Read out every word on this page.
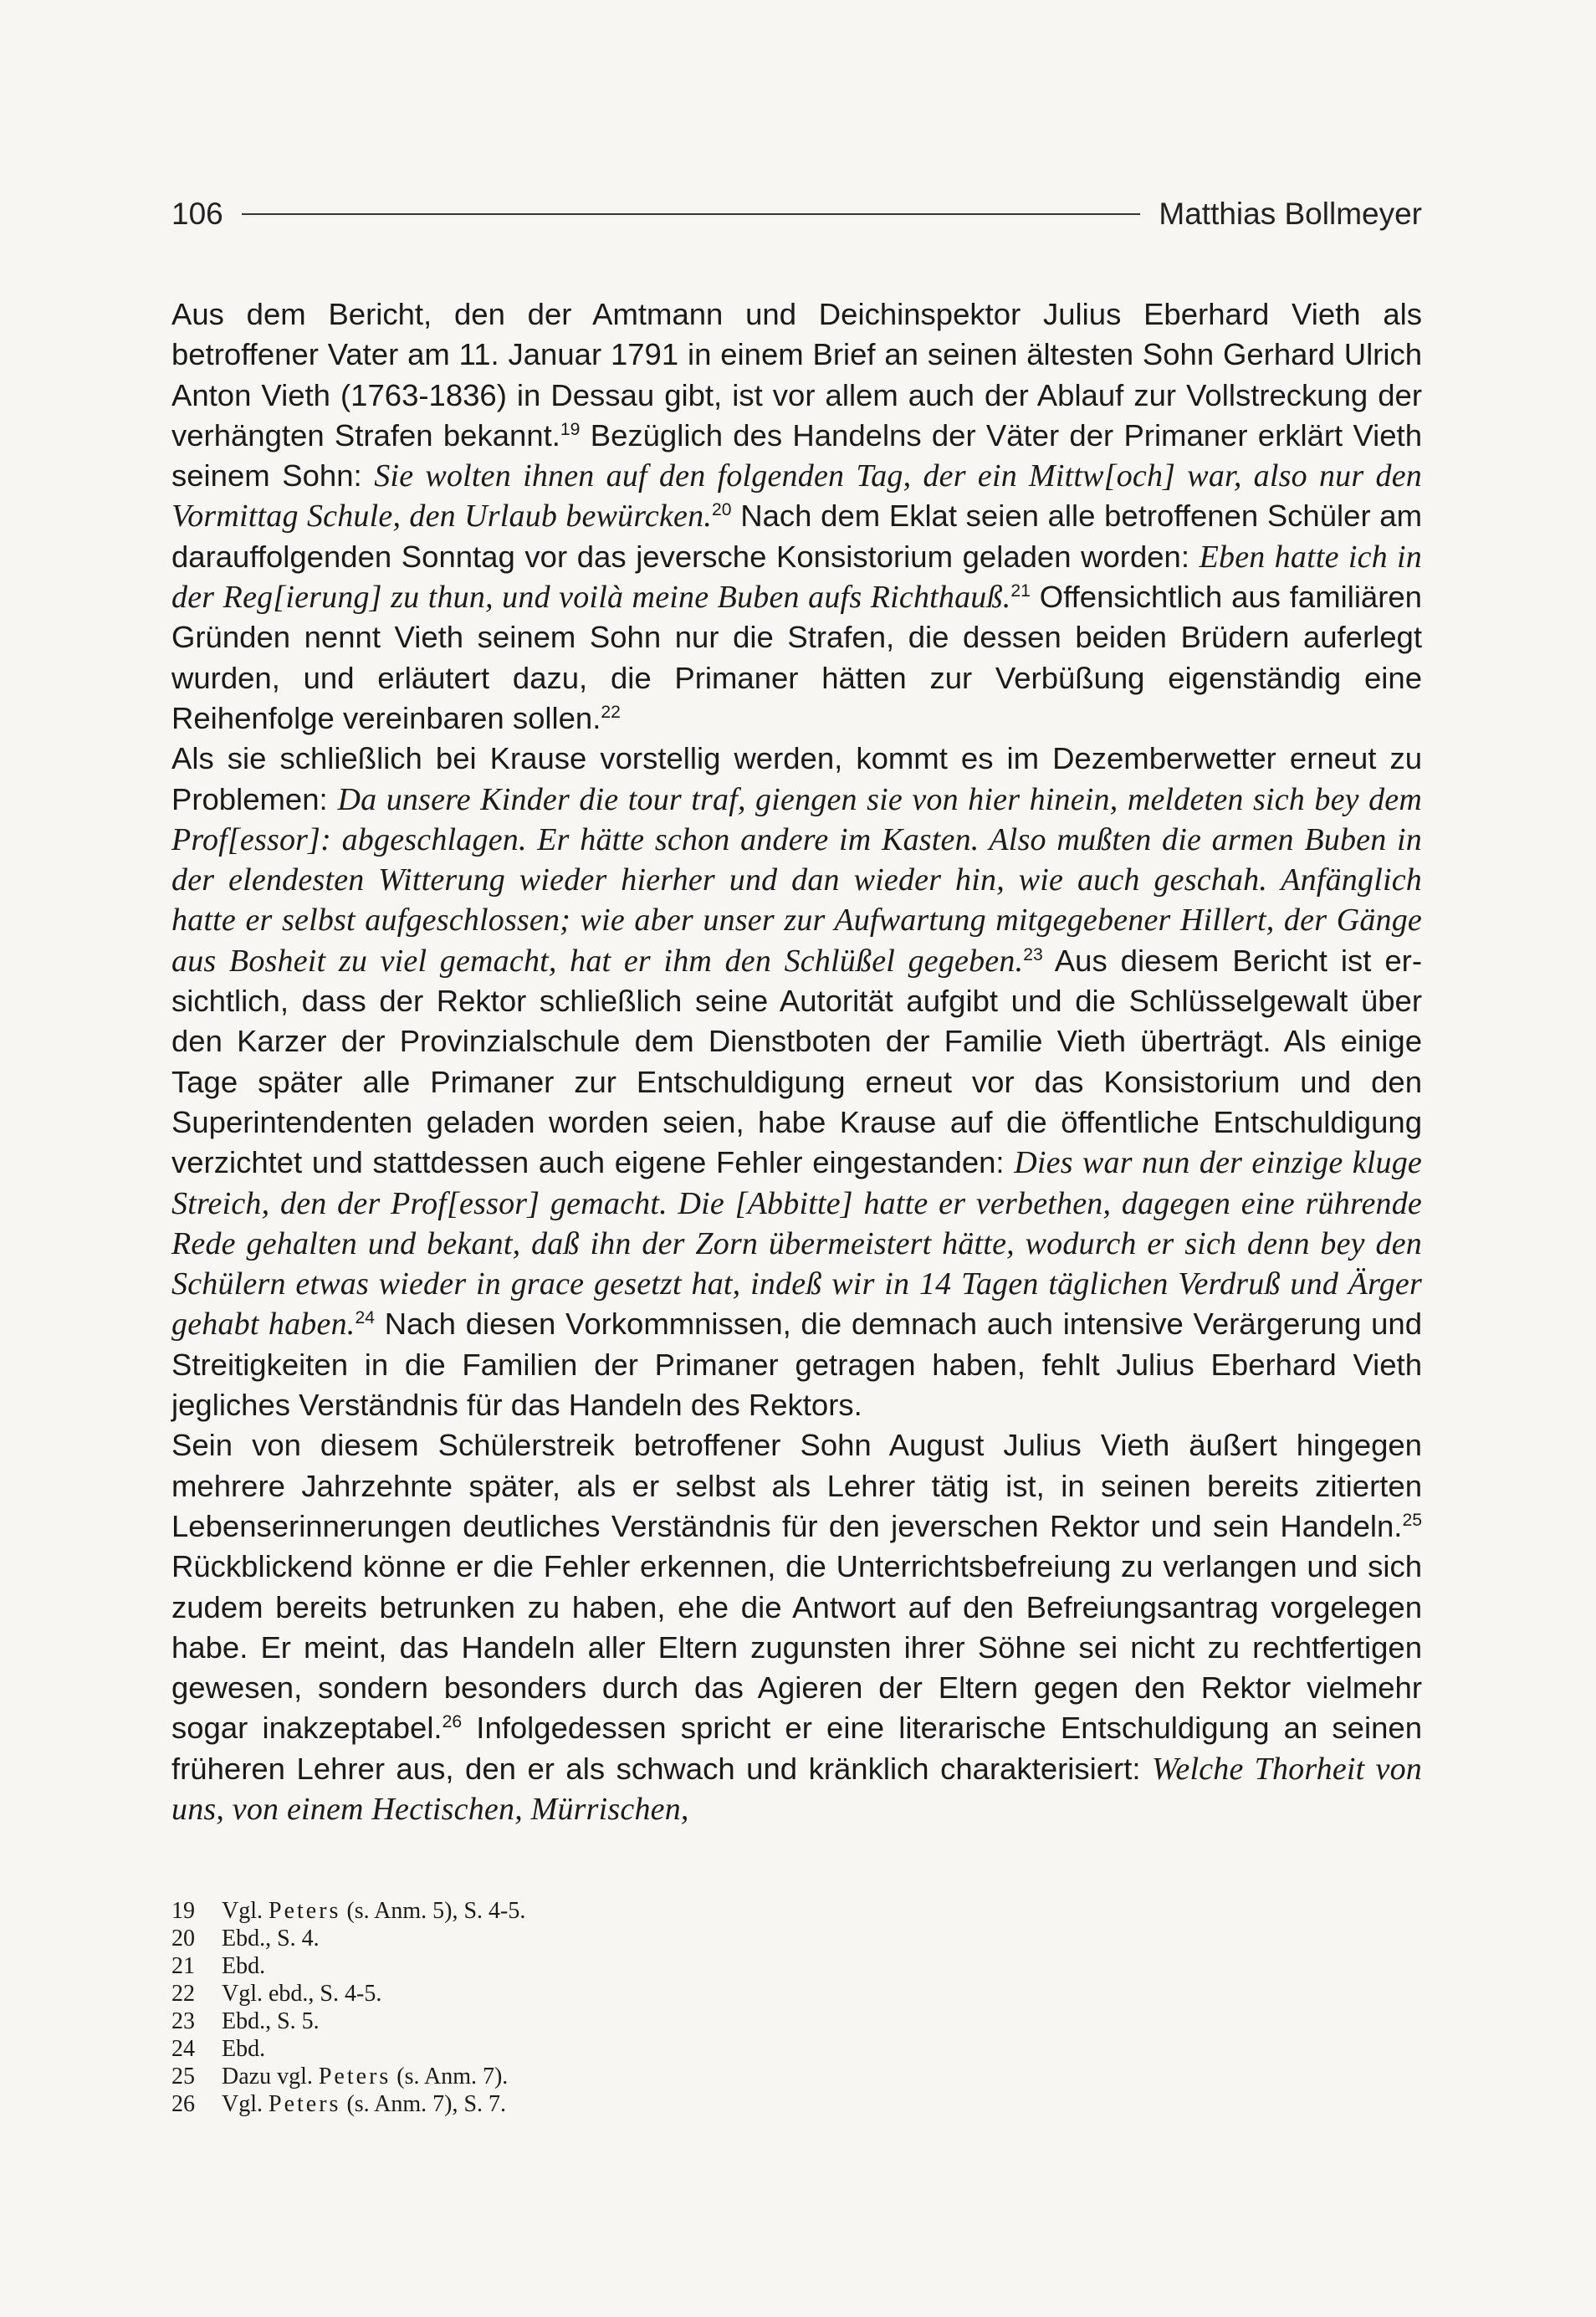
106	Matthias Bollmeyer

Aus dem Bericht, den der Amtmann und Deichinspektor Julius Eberhard Vieth als betroffener Vater am 11. Januar 1791 in einem Brief an seinen ältesten Sohn Gerhard Ulrich Anton Vieth (1763-1836) in Dessau gibt, ist vor allem auch der Ablauf zur Vollstreckung der verhängten Strafen bekannt.$^{19}$ Bezüglich des Handelns der Väter der Primaner erklärt Vieth seinem Sohn: Sie wolten ihnen auf den folgenden Tag, der ein Mittw[och] war, also nur den Vormittag Schule, den Urlaub bewürcken.$^{20}$ Nach dem Eklat seien alle betroffenen Schüler am darauffolgenden Sonntag vor das jeversche Konsistorium geladen worden: Eben hatte ich in der Reg[ierung] zu thun, und voilà meine Buben aufs Richthauß.$^{21}$ Offensichtlich aus familiären Gründen nennt Vieth seinem Sohn nur die Strafen, die dessen beiden Brüdern auferlegt wurden, und erläutert dazu, die Primaner hätten zur Verbüßung eigenständig eine Reihenfolge vereinbaren sollen.$^{22}$

Als sie schließlich bei Krause vorstellig werden, kommt es im Dezemberwetter erneut zu Problemen: Da unsere Kinder die tour traf, giengen sie von hier hinein, meldeten sich bey dem Prof[essor]: abgeschlagen. Er hätte schon andere im Kasten. Also mußten die armen Buben in der elendesten Witterung wieder hierher und dan wieder hin, wie auch geschah. Anfänglich hatte er selbst aufgeschlossen; wie aber unser zur Aufwartung mitgegebener Hillert, der Gänge aus Bosheit zu viel gemacht, hat er ihm den Schlüßel gegeben.$^{23}$ Aus diesem Bericht ist ersichtlich, dass der Rektor schließlich seine Autorität aufgibt und die Schlüsselgewalt über den Karzer der Provinzialschule dem Dienstboten der Familie Vieth überträgt. Als einige Tage später alle Primaner zur Entschuldigung erneut vor das Konsistorium und den Superintendenten geladen worden seien, habe Krause auf die öffentliche Entschuldigung verzichtet und stattdessen auch eigene Fehler eingestanden: Dies war nun der einzige kluge Streich, den der Prof[essor] gemacht. Die [Abbitte] hatte er verbethen, dagegen eine rührende Rede gehalten und bekant, daß ihn der Zorn übermeistert hätte, wodurch er sich denn bey den Schülern etwas wieder in grace gesetzt hat, indeß wir in 14 Tagen täglichen Verdruß und Ärger gehabt haben.$^{24}$ Nach diesen Vorkommnissen, die demnach auch intensive Verärgerung und Streitigkeiten in die Familien der Primaner getragen haben, fehlt Julius Eberhard Vieth jegliches Verständnis für das Handeln des Rektors.

Sein von diesem Schülerstreik betroffener Sohn August Julius Vieth äußert hingegen mehrere Jahrzehnte später, als er selbst als Lehrer tätig ist, in seinen bereits zitierten Lebenserinnerungen deutliches Verständnis für den jeverschen Rektor und sein Handeln.$^{25}$ Rückblickend könne er die Fehler erkennen, die Unterrichtsbefreiung zu verlangen und sich zudem bereits betrunken zu haben, ehe die Antwort auf den Befreiungsantrag vorgelegen habe. Er meint, das Handeln aller Eltern zugunsten ihrer Söhne sei nicht zu rechtfertigen gewesen, sondern besonders durch das Agieren der Eltern gegen den Rektor vielmehr sogar inakzeptabel.$^{26}$ Infolgedessen spricht er eine literarische Entschuldigung an seinen früheren Lehrer aus, den er als schwach und kränklich charakterisiert: Welche Thorheit von uns, von einem Hectischen, Mürrischen,

19	Vgl. Peters (s. Anm. 5), S. 4-5.
20	Ebd., S. 4.
21	Ebd.
22	Vgl. ebd., S. 4-5.
23	Ebd., S. 5.
24	Ebd.
25	Dazu vgl. Peters (s. Anm. 7).
26	Vgl. Peters (s. Anm. 7), S. 7.
